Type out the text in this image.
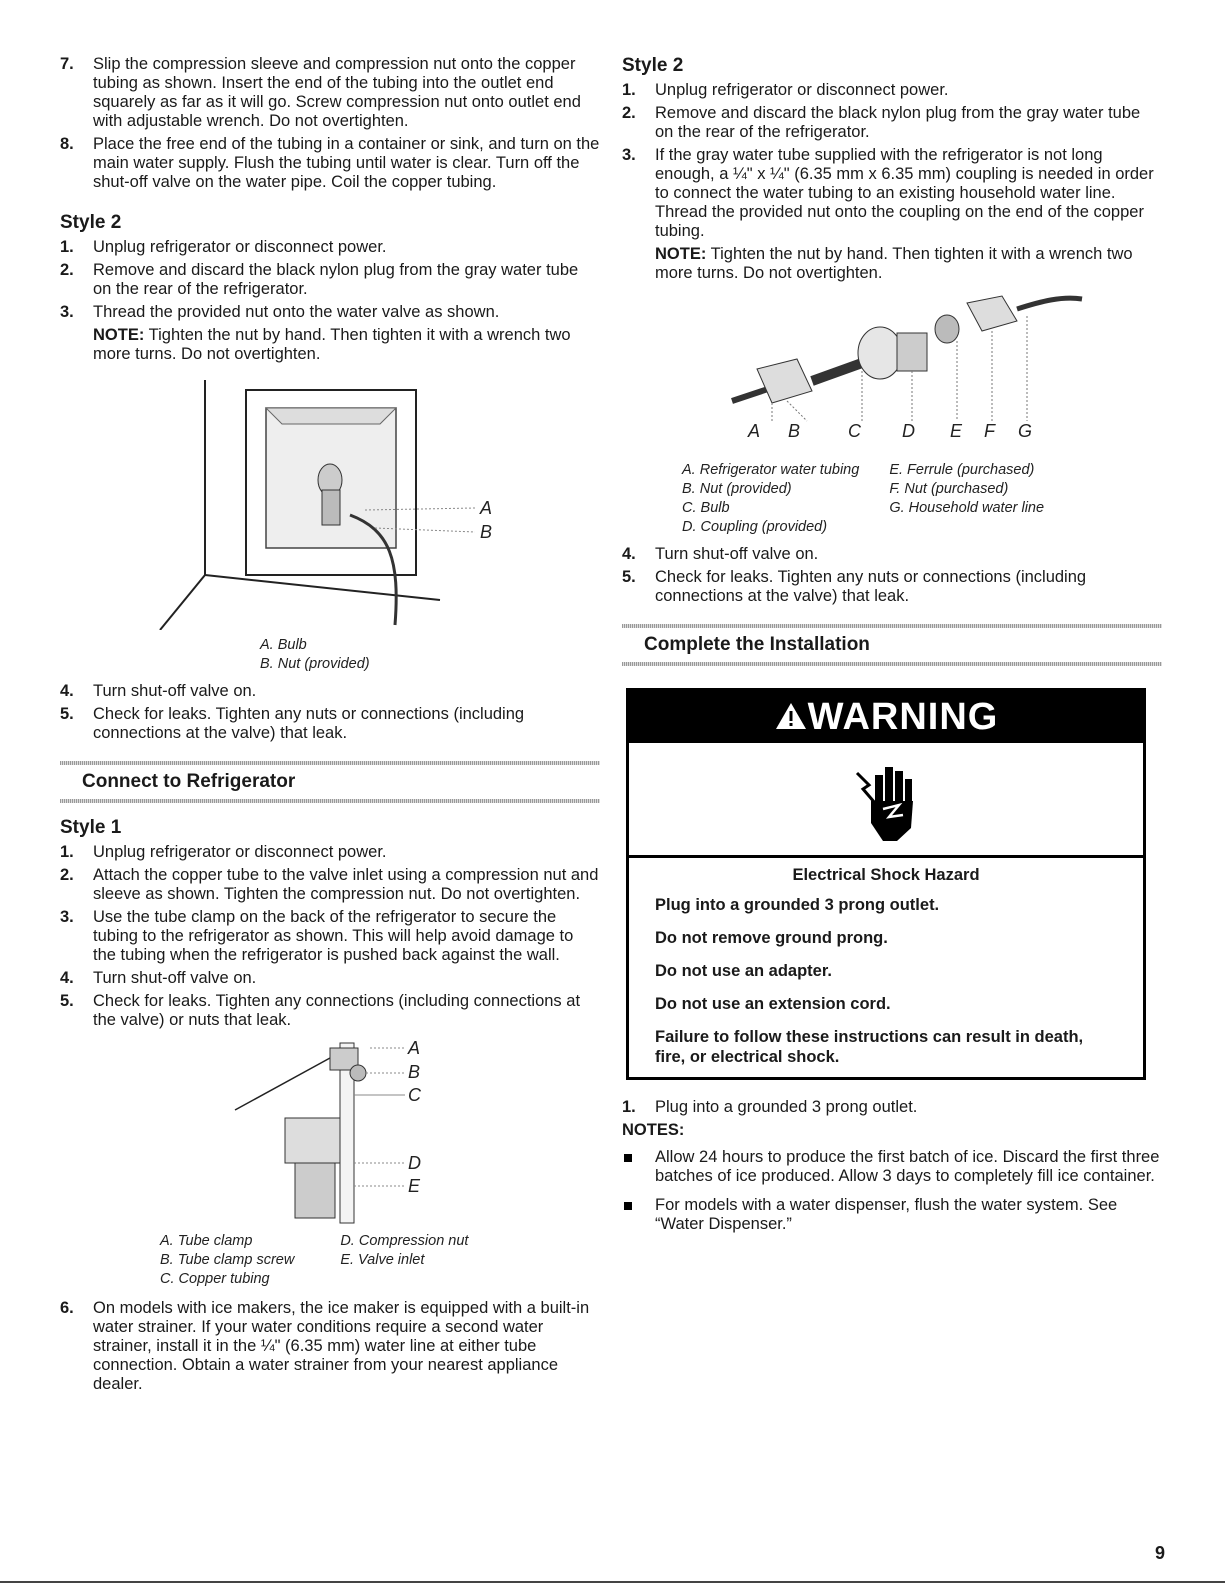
7. Slip the compression sleeve and compression nut onto the copper tubing as shown. Insert the end of the tubing into the outlet end squarely as far as it will go. Screw compression nut onto outlet end with adjustable wrench. Do not overtighten.
8. Place the free end of the tubing in a container or sink, and turn on the main water supply. Flush the tubing until water is clear. Turn off the shut-off valve on the water pipe. Coil the copper tubing.
Style 2
1. Unplug refrigerator or disconnect power.
2. Remove and discard the black nylon plug from the gray water tube on the rear of the refrigerator.
3. Thread the provided nut onto the water valve as shown.
NOTE: Tighten the nut by hand. Then tighten it with a wrench two more turns. Do not overtighten.
A
B
A. Bulb
B. Nut (provided)
4. Turn shut-off valve on.
5. Check for leaks. Tighten any nuts or connections (including connections at the valve) that leak.
Connect to Refrigerator
Style 1
1. Unplug refrigerator or disconnect power.
2. Attach the copper tube to the valve inlet using a compression nut and sleeve as shown. Tighten the compression nut. Do not overtighten.
3. Use the tube clamp on the back of the refrigerator to secure the tubing to the refrigerator as shown. This will help avoid damage to the tubing when the refrigerator is pushed back against the wall.
4. Turn shut-off valve on.
5. Check for leaks. Tighten any connections (including connections at the valve) or nuts that leak.
A
B
C
D
E
A. Tube clamp
B. Tube clamp screw
C. Copper tubing
D. Compression nut
E. Valve inlet
6. On models with ice makers, the ice maker is equipped with a built-in water strainer. If your water conditions require a second water strainer, install it in the ¼" (6.35 mm) water line at either tube connection. Obtain a water strainer from your nearest appliance dealer.
Style 2
1. Unplug refrigerator or disconnect power.
2. Remove and discard the black nylon plug from the gray water tube on the rear of the refrigerator.
3. If the gray water tube supplied with the refrigerator is not long enough, a ¼" x ¼" (6.35 mm x 6.35 mm) coupling is needed in order to connect the water tubing to an existing household water line. Thread the provided nut onto the coupling on the end of the copper tubing.
NOTE: Tighten the nut by hand. Then tighten it with a wrench two more turns. Do not overtighten.
A B	C D E F G
A. Refrigerator water tubing
B. Nut (provided)
C. Bulb
D. Coupling (provided)
E. Ferrule (purchased)
F. Nut (purchased)
G. Household water line
4. Turn shut-off valve on.
5. Check for leaks. Tighten any nuts or connections (including connections at the valve) that leak.
Complete the Installation
WARNING
Electrical Shock Hazard
Plug into a grounded 3 prong outlet.
Do not remove ground prong.
Do not use an adapter.
Do not use an extension cord.
Failure to follow these instructions can result in death, fire, or electrical shock.
1. Plug into a grounded 3 prong outlet.
NOTES:
Allow 24 hours to produce the first batch of ice. Discard the first three batches of ice produced. Allow 3 days to completely fill ice container.
For models with a water dispenser, flush the water system. See “Water Dispenser.”
9
